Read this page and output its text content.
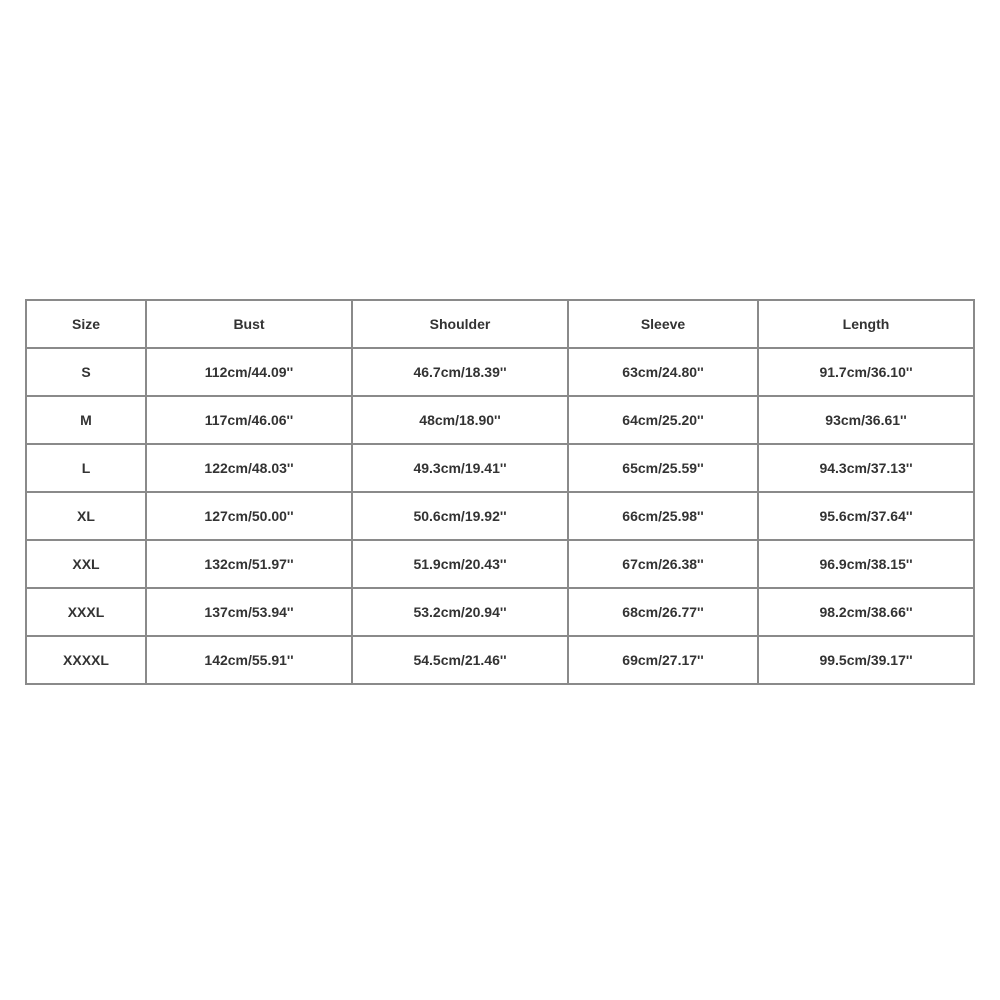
Size	Bust	Shoulder	Sleeve	Length
S	112cm/44.09''	46.7cm/18.39''	63cm/24.80''	91.7cm/36.10''
M	117cm/46.06''	48cm/18.90''	64cm/25.20''	93cm/36.61''
L	122cm/48.03''	49.3cm/19.41''	65cm/25.59''	94.3cm/37.13''
XL	127cm/50.00''	50.6cm/19.92''	66cm/25.98''	95.6cm/37.64''
XXL	132cm/51.97''	51.9cm/20.43''	67cm/26.38''	96.9cm/38.15''
XXXL	137cm/53.94''	53.2cm/20.94''	68cm/26.77''	98.2cm/38.66''
XXXXL	142cm/55.91''	54.5cm/21.46''	69cm/27.17''	99.5cm/39.17''
